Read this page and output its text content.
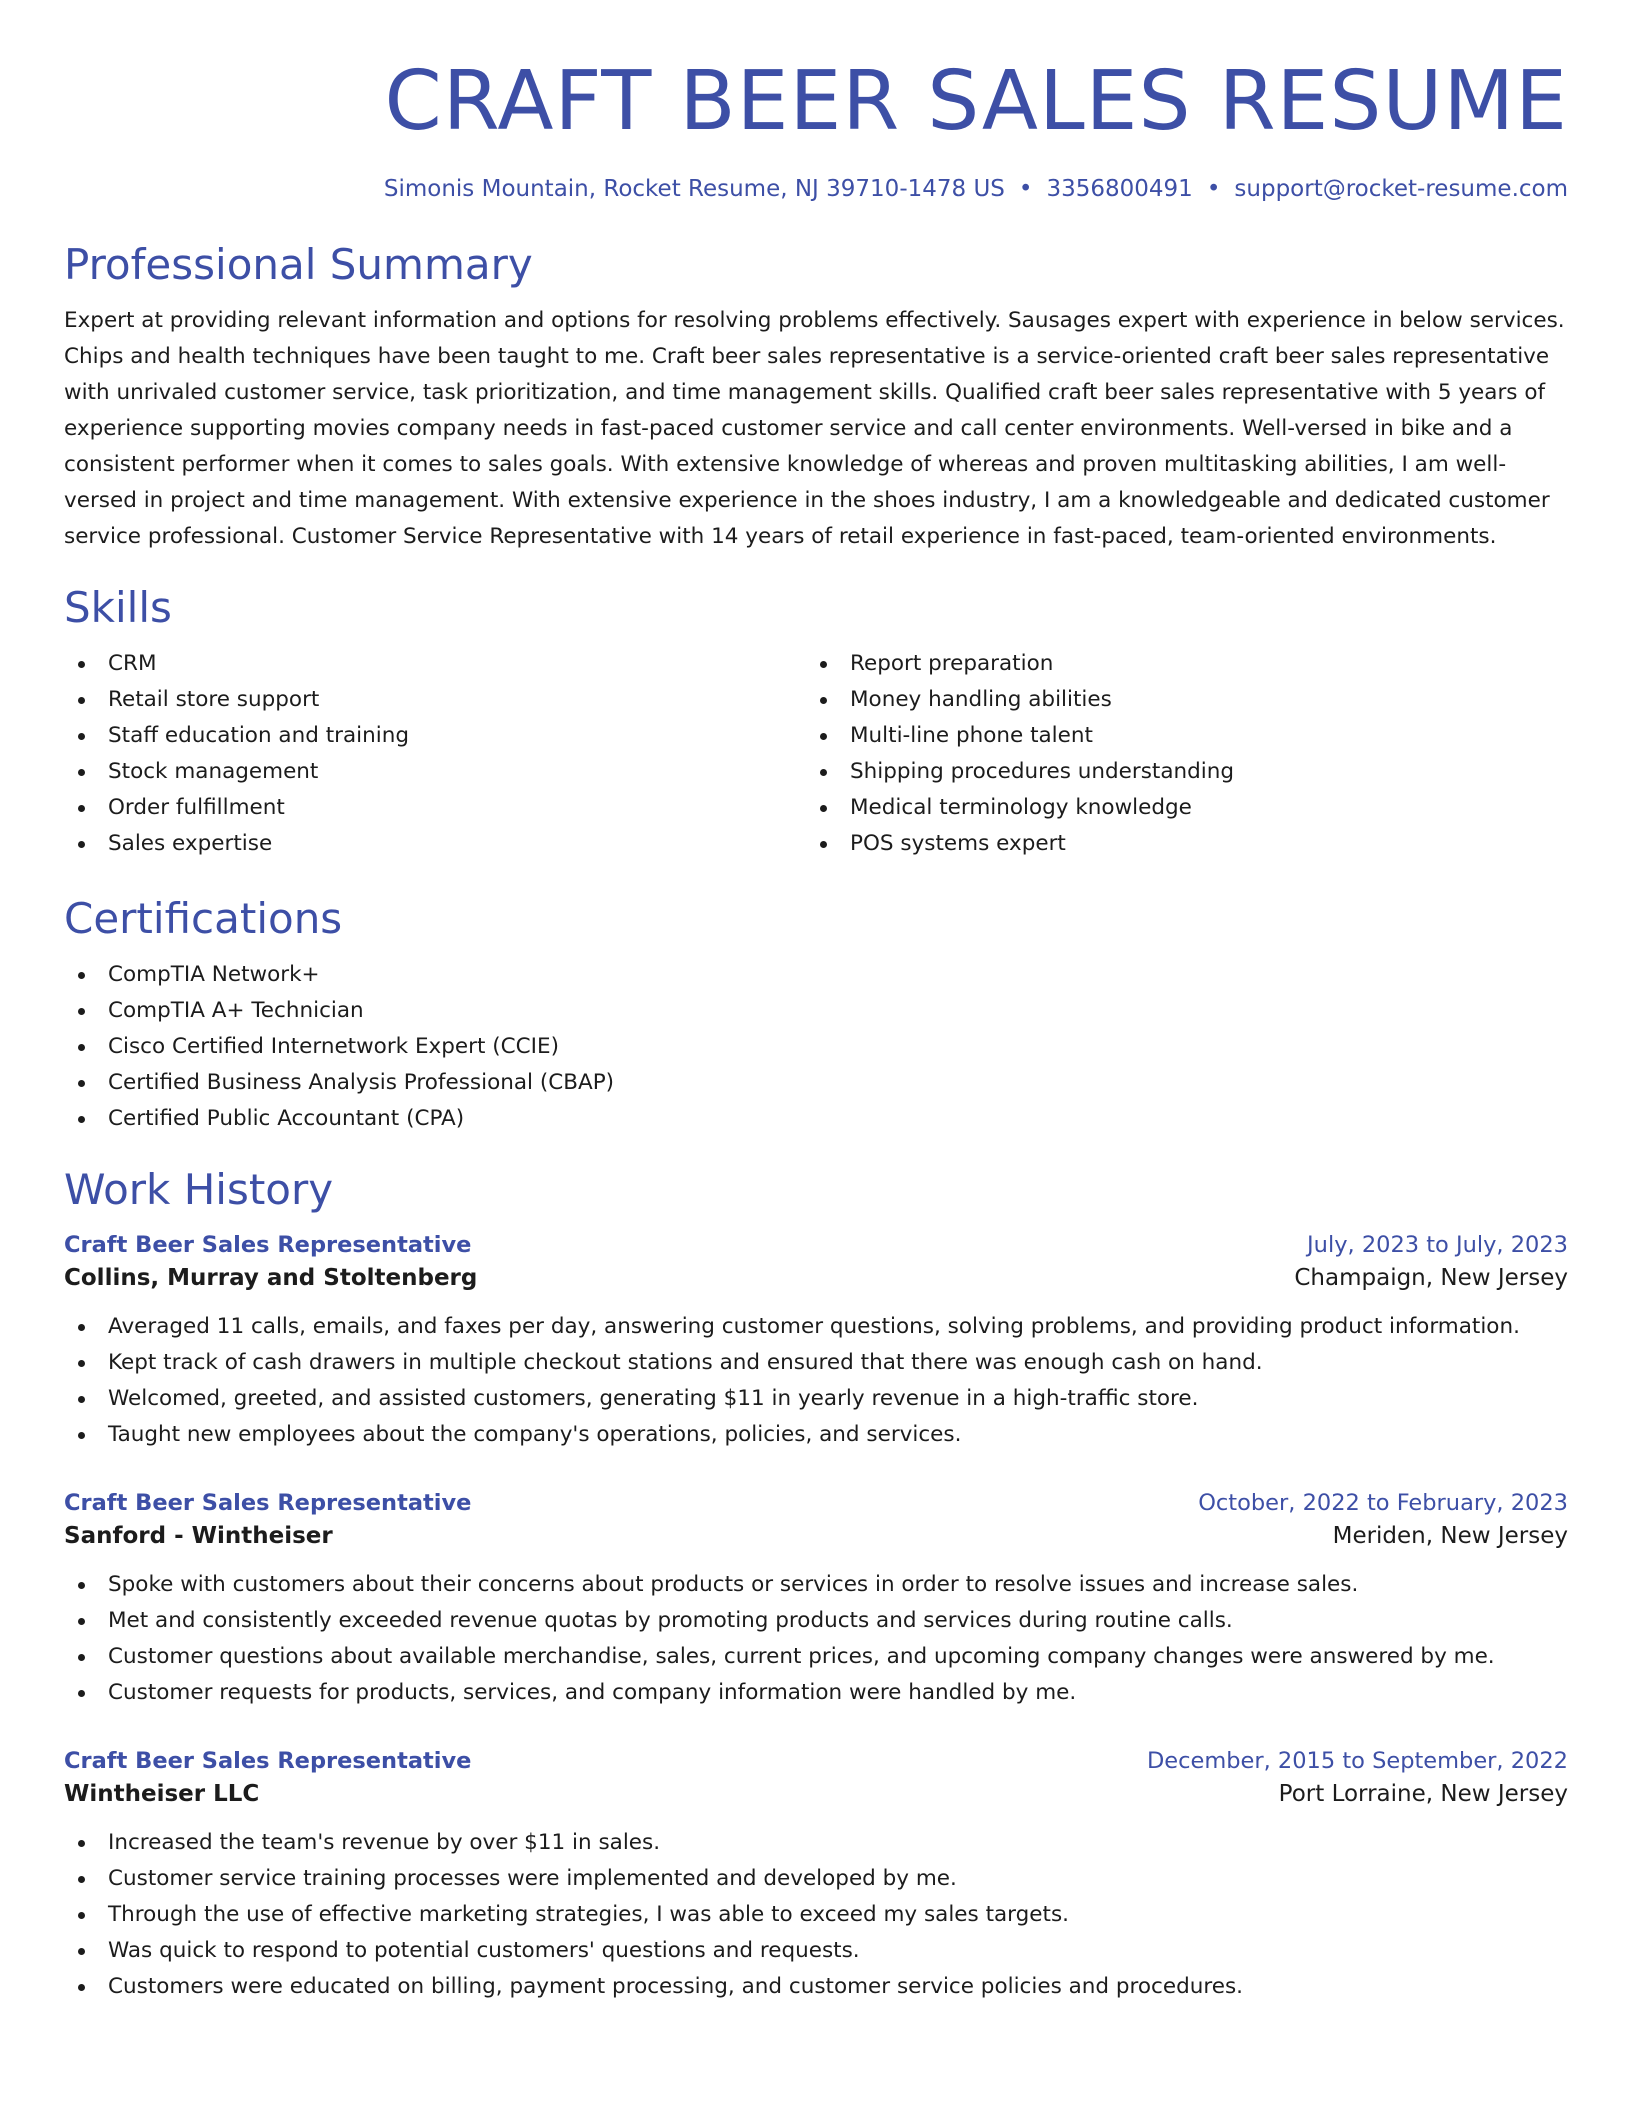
CRAFT BEER SALES RESUME
Simonis Mountain, Rocket Resume, NJ 39710-1478 US • 3356800491 • support@rocket-resume.com
Professional Summary
Expert at providing relevant information and options for resolving problems effectively. Sausages expert with experience in below services. Chips and health techniques have been taught to me. Craft beer sales representative is a service-oriented craft beer sales representative with unrivaled customer service, task prioritization, and time management skills. Qualified craft beer sales representative with 5 years of experience supporting movies company needs in fast-paced customer service and call center environments. Well-versed in bike and a consistent performer when it comes to sales goals. With extensive knowledge of whereas and proven multitasking abilities, I am well-versed in project and time management. With extensive experience in the shoes industry, I am a knowledgeable and dedicated customer service professional. Customer Service Representative with 14 years of retail experience in fast-paced, team-oriented environments.
Skills
CRM
Retail store support
Staff education and training
Stock management
Order fulfillment
Sales expertise
Report preparation
Money handling abilities
Multi-line phone talent
Shipping procedures understanding
Medical terminology knowledge
POS systems expert
Certifications
CompTIA Network+
CompTIA A+ Technician
Cisco Certified Internetwork Expert (CCIE)
Certified Business Analysis Professional (CBAP)
Certified Public Accountant (CPA)
Work History
Craft Beer Sales Representative	July, 2023 to July, 2023
Collins, Murray and Stoltenberg	Champaign, New Jersey
Averaged 11 calls, emails, and faxes per day, answering customer questions, solving problems, and providing product information.
Kept track of cash drawers in multiple checkout stations and ensured that there was enough cash on hand.
Welcomed, greeted, and assisted customers, generating $11 in yearly revenue in a high-traffic store.
Taught new employees about the company's operations, policies, and services.
Craft Beer Sales Representative	October, 2022 to February, 2023
Sanford - Wintheiser	Meriden, New Jersey
Spoke with customers about their concerns about products or services in order to resolve issues and increase sales.
Met and consistently exceeded revenue quotas by promoting products and services during routine calls.
Customer questions about available merchandise, sales, current prices, and upcoming company changes were answered by me.
Customer requests for products, services, and company information were handled by me.
Craft Beer Sales Representative	December, 2015 to September, 2022
Wintheiser LLC	Port Lorraine, New Jersey
Increased the team's revenue by over $11 in sales.
Customer service training processes were implemented and developed by me.
Through the use of effective marketing strategies, I was able to exceed my sales targets.
Was quick to respond to potential customers' questions and requests.
Customers were educated on billing, payment processing, and customer service policies and procedures.
